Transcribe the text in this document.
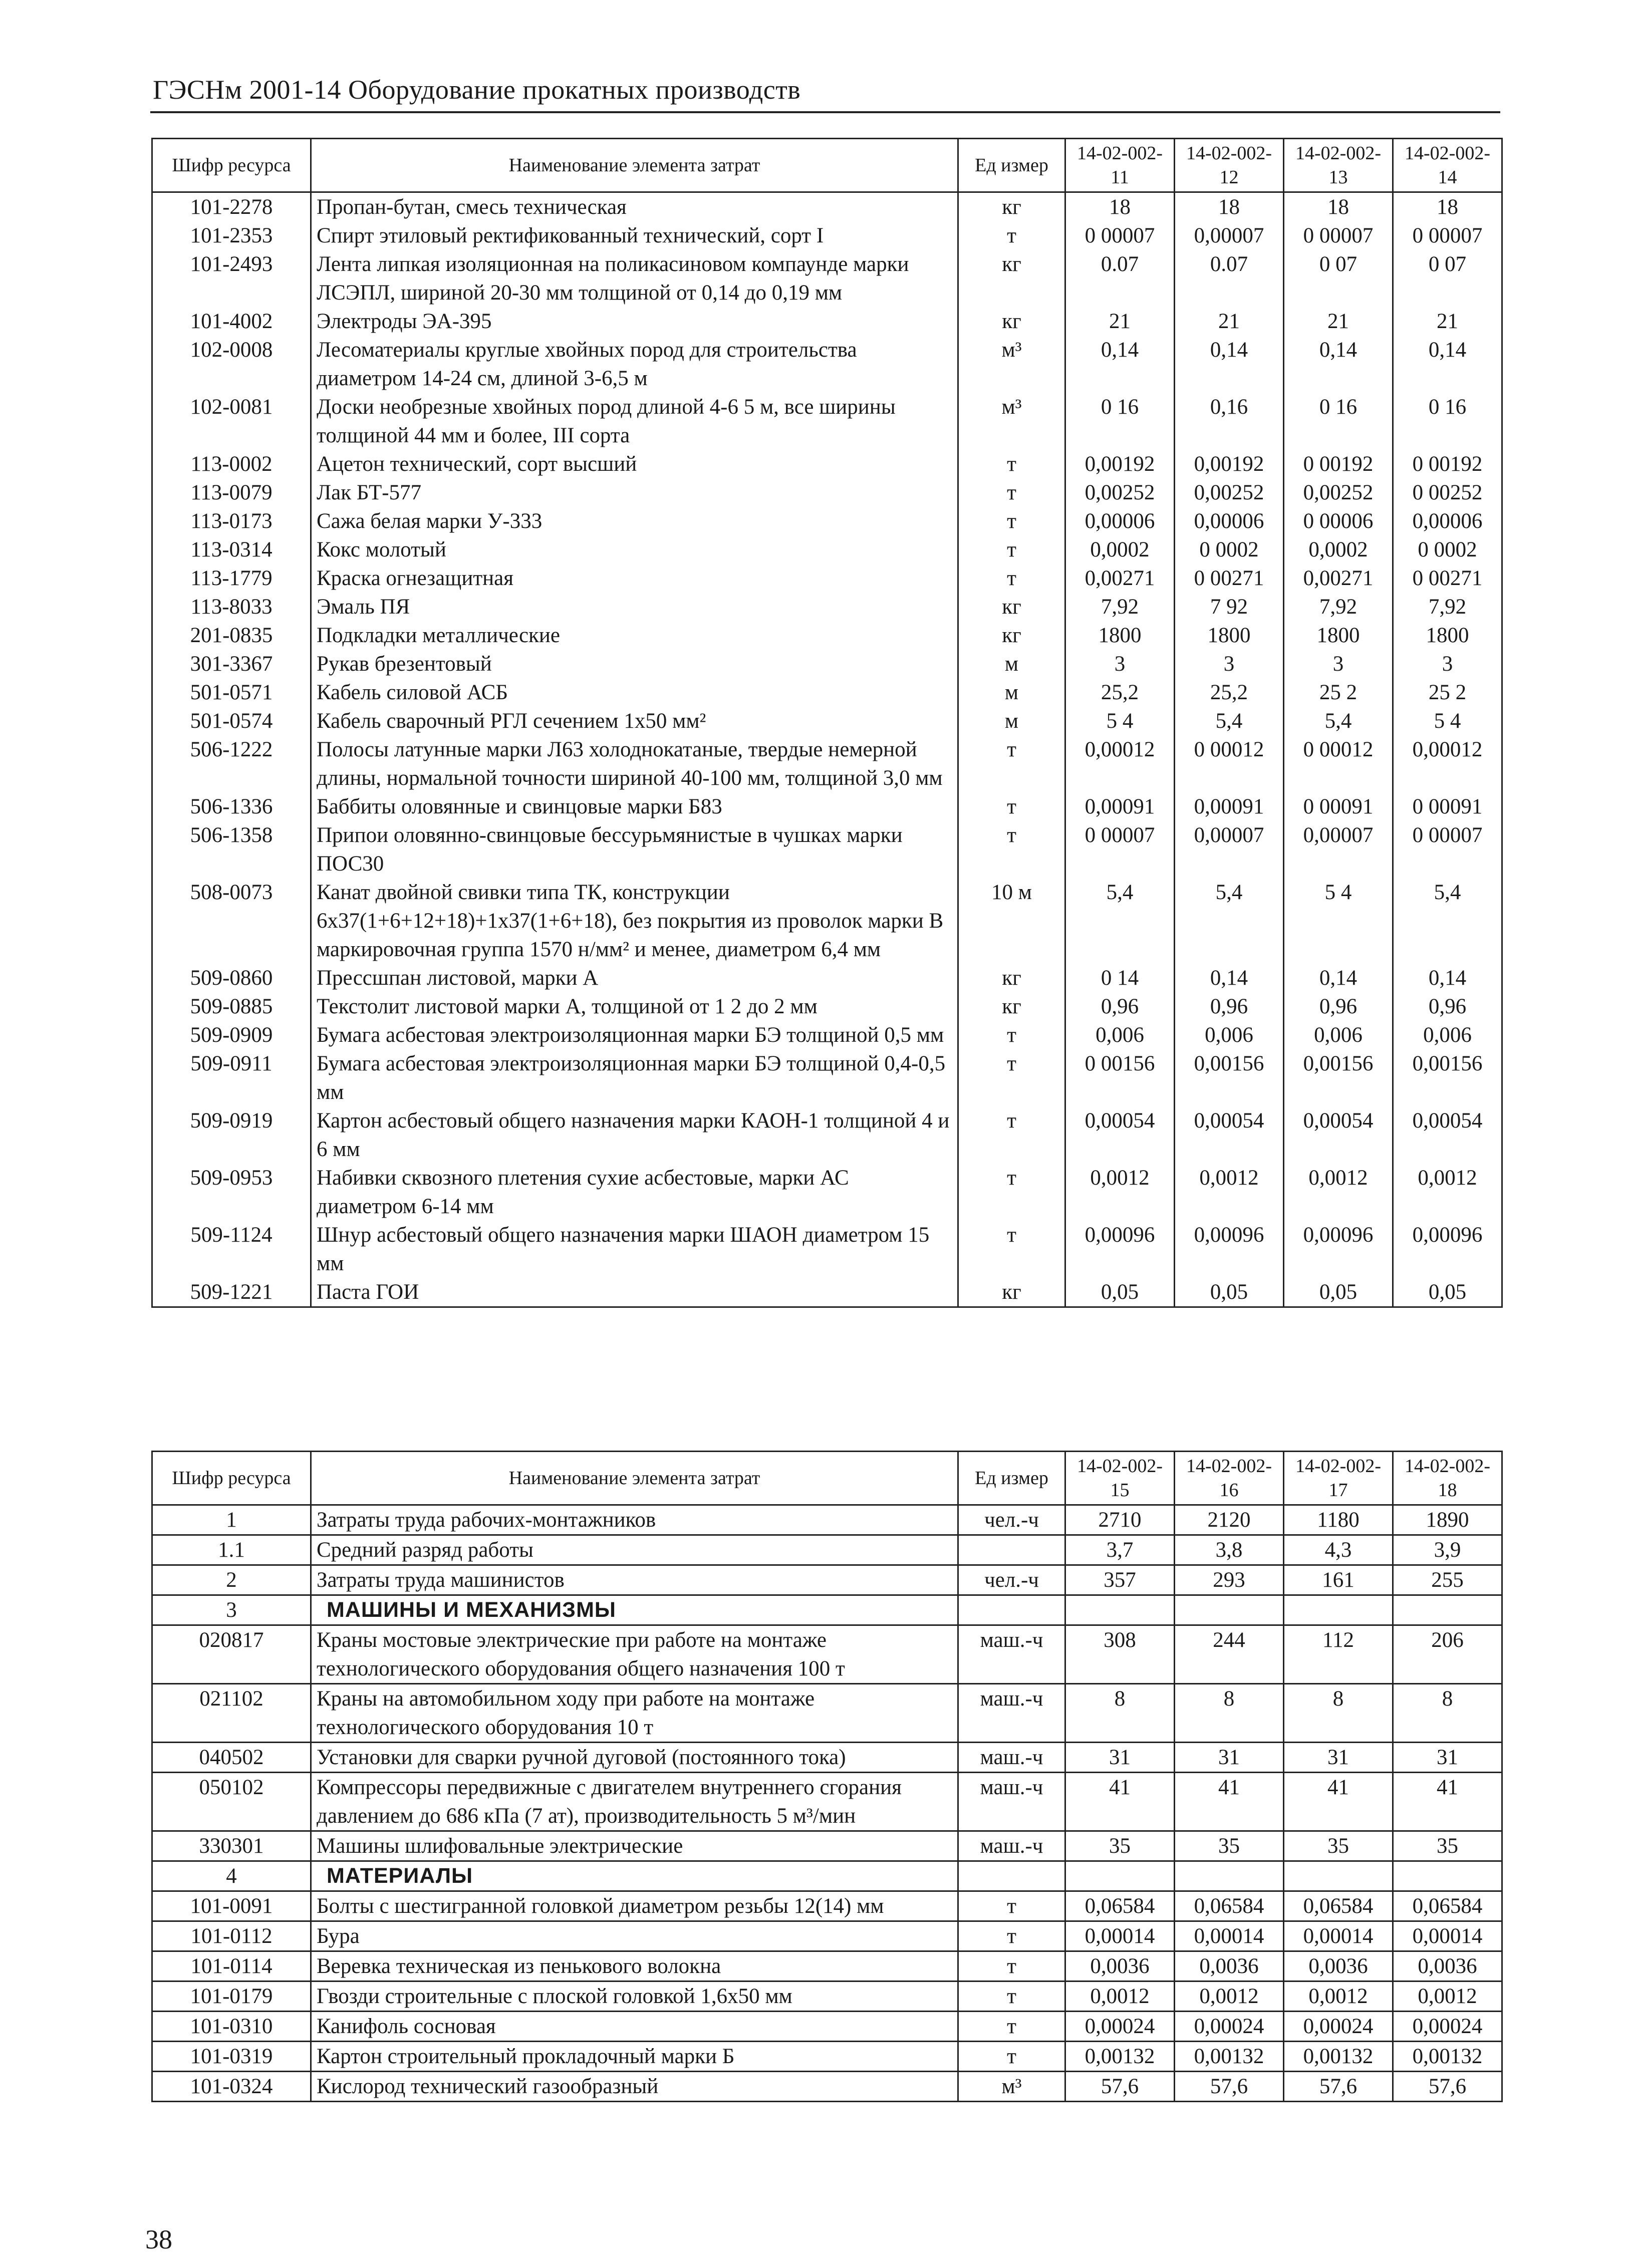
ГЭСНм 2001-14 Оборудование прокатных производств
Шифр ресурса	Наименование элемента затрат	Ед измер	14-02-002-11	14-02-002-12	14-02-002-13	14-02-002-14
101-2278	Пропан-бутан, смесь техническая	кг	18	18	18	18
101-2353	Спирт этиловый ректификованный технический, сорт I	т	0 00007	0,00007	0 00007	0 00007
101-2493	Лента липкая изоляционная на поликасиновом компаунде марки ЛСЭПЛ, шириной 20-30 мм толщиной от 0,14 до 0,19 мм	кг	0.07	0.07	0 07	0 07
101-4002	Электроды ЭА-395	кг	21	21	21	21
102-0008	Лесоматериалы круглые хвойных пород для строительства диаметром 14-24 см, длиной 3-6,5 м	м³	0,14	0,14	0,14	0,14
102-0081	Доски необрезные хвойных пород длиной 4-6 5 м, все ширины толщиной 44 мм и более, III сорта	м³	0 16	0,16	0 16	0 16
113-0002	Ацетон технический, сорт высший	т	0,00192	0,00192	0 00192	0 00192
113-0079	Лак БТ-577	т	0,00252	0,00252	0,00252	0 00252
113-0173	Сажа белая марки У-333	т	0,00006	0,00006	0 00006	0,00006
113-0314	Кокс молотый	т	0,0002	0 0002	0,0002	0 0002
113-1779	Краска огнезащитная	т	0,00271	0 00271	0,00271	0 00271
113-8033	Эмаль ПЯ	кг	7,92	7 92	7,92	7,92
201-0835	Подкладки металлические	кг	1800	1800	1800	1800
301-3367	Рукав брезентовый	м	3	3	3	3
501-0571	Кабель силовой АСБ	м	25,2	25,2	25 2	25 2
501-0574	Кабель сварочный РГЛ сечением 1х50 мм²	м	5 4	5,4	5,4	5 4
506-1222	Полосы латунные марки Л63 холоднокатаные, твердые немерной длины, нормальной точности шириной 40-100 мм, толщиной 3,0 мм	т	0,00012	0 00012	0 00012	0,00012
506-1336	Баббиты оловянные и свинцовые марки Б83	т	0,00091	0,00091	0 00091	0 00091
506-1358	Припои оловянно-свинцовые бессурьмянистые в чушках марки ПОС30	т	0 00007	0,00007	0,00007	0 00007
508-0073	Канат двойной свивки типа ТК, конструкции 6х37(1+6+12+18)+1х37(1+6+18), без покрытия из проволок марки В маркировочная группа 1570 н/мм² и менее, диаметром 6,4 мм	10 м	5,4	5,4	5 4	5,4
509-0860	Прессшпан листовой, марки А	кг	0 14	0,14	0,14	0,14
509-0885	Текстолит листовой марки А, толщиной от 1 2 до 2 мм	кг	0,96	0,96	0,96	0,96
509-0909	Бумага асбестовая электроизоляционная марки БЭ толщиной 0,5 мм	т	0,006	0,006	0,006	0,006
509-0911	Бумага асбестовая электроизоляционная марки БЭ толщиной 0,4-0,5 мм	т	0 00156	0,00156	0,00156	0,00156
509-0919	Картон асбестовый общего назначения марки КАОН-1 толщиной 4 и 6 мм	т	0,00054	0,00054	0,00054	0,00054
509-0953	Набивки сквозного плетения сухие асбестовые, марки АС диаметром 6-14 мм	т	0,0012	0,0012	0,0012	0,0012
509-1124	Шнур асбестовый общего назначения марки ШАОН диаметром 15 мм	т	0,00096	0,00096	0,00096	0,00096
509-1221	Паста ГОИ	кг	0,05	0,05	0,05	0,05
Шифр ресурса	Наименование элемента затрат	Ед измер	14-02-002-15	14-02-002-16	14-02-002-17	14-02-002-18
1	Затраты труда рабочих-монтажников	чел.-ч	2710	2120	1180	1890
1.1	Средний разряд работы		3,7	3,8	4,3	3,9
2	Затраты труда машинистов	чел.-ч	357	293	161	255
3	МАШИНЫ И МЕХАНИЗМЫ					
020817	Краны мостовые электрические при работе на монтаже технологического оборудования общего назначения 100 т	маш.-ч	308	244	112	206
021102	Краны на автомобильном ходу при работе на монтаже технологического оборудования 10 т	маш.-ч	8	8	8	8
040502	Установки для сварки ручной дуговой (постоянного тока)	маш.-ч	31	31	31	31
050102	Компрессоры передвижные с двигателем внутреннего сгорания давлением до 686 кПа (7 ат), производительность 5 м³/мин	маш.-ч	41	41	41	41
330301	Машины шлифовальные электрические	маш.-ч	35	35	35	35
4	МАТЕРИАЛЫ					
101-0091	Болты с шестигранной головкой диаметром резьбы 12(14) мм	т	0,06584	0,06584	0,06584	0,06584
101-0112	Бура	т	0,00014	0,00014	0,00014	0,00014
101-0114	Веревка техническая из пенькового волокна	т	0,0036	0,0036	0,0036	0,0036
101-0179	Гвозди строительные с плоской головкой 1,6х50 мм	т	0,0012	0,0012	0,0012	0,0012
101-0310	Канифоль сосновая	т	0,00024	0,00024	0,00024	0,00024
101-0319	Картон строительный прокладочный марки Б	т	0,00132	0,00132	0,00132	0,00132
101-0324	Кислород технический газообразный	м³	57,6	57,6	57,6	57,6
38
